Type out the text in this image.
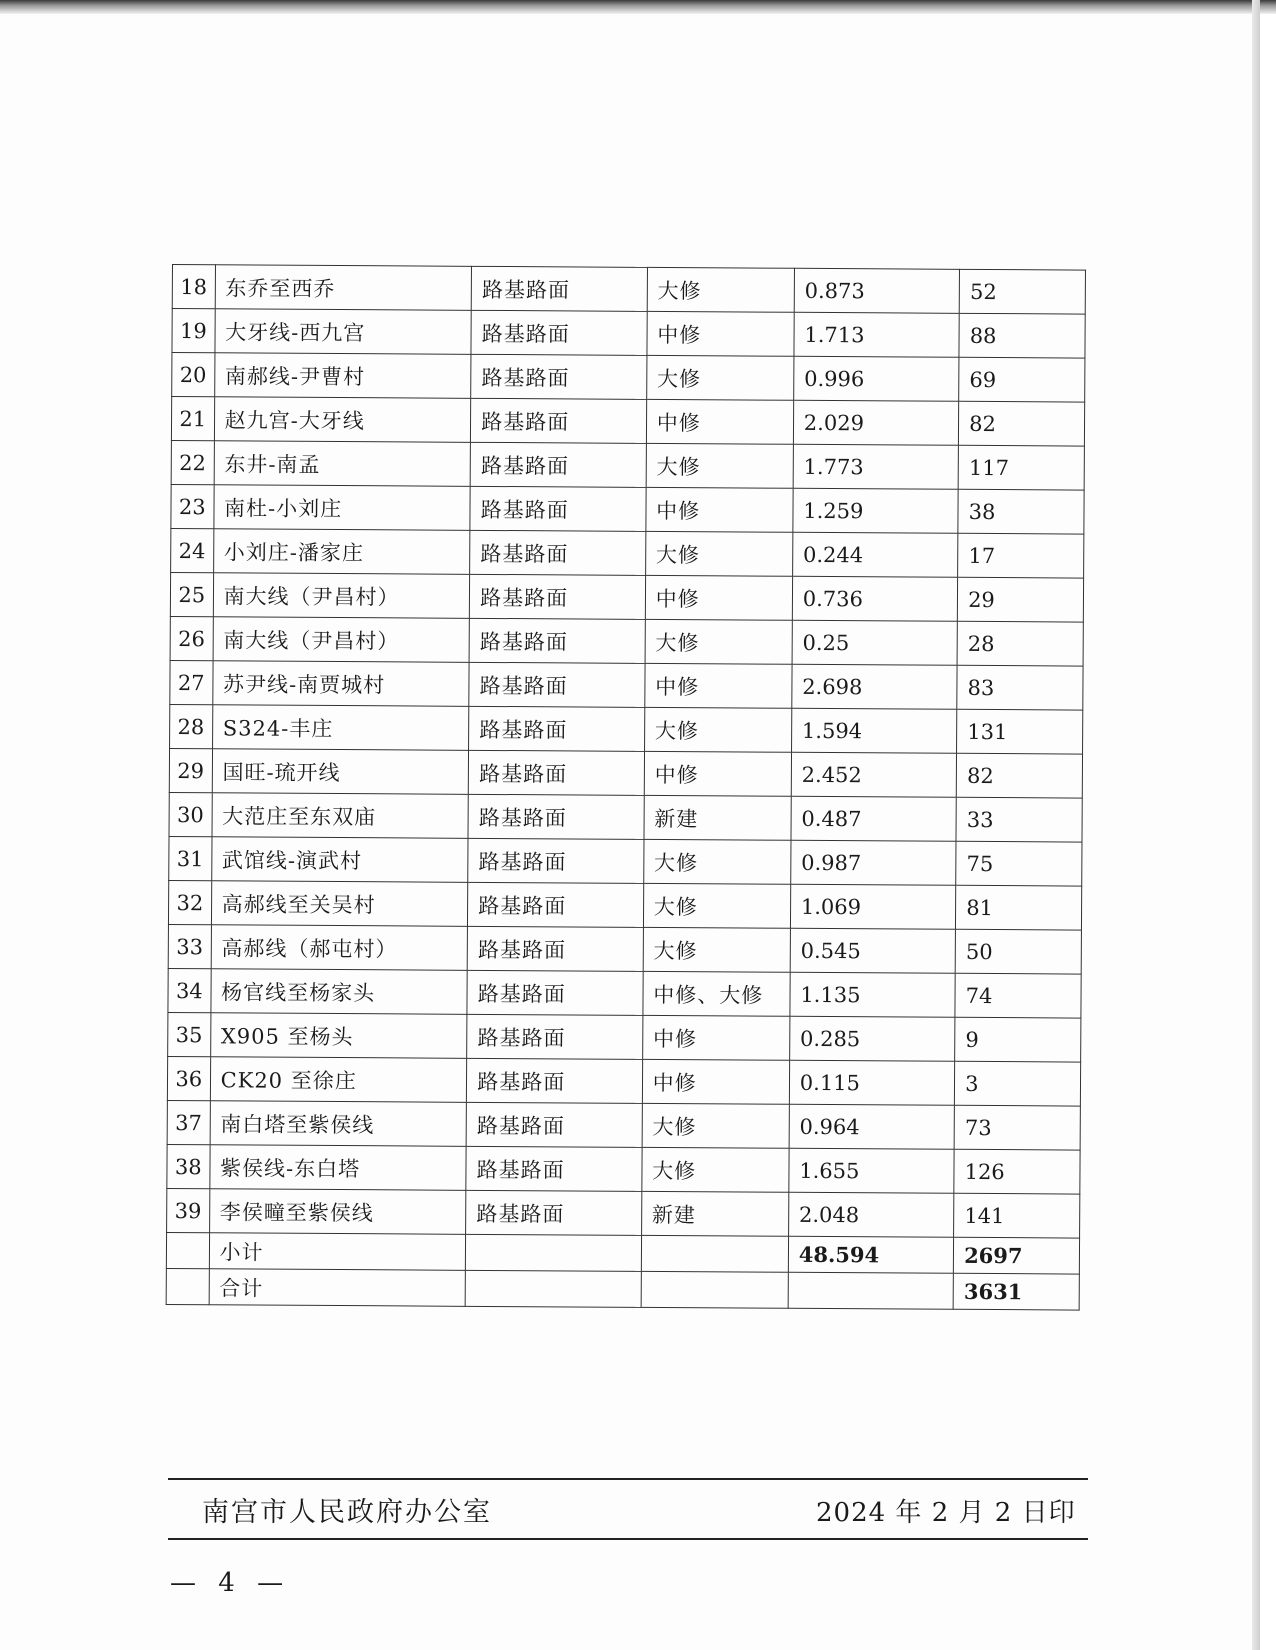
18	东乔至西乔	路基路面	大修	0.873	52
19	大牙线-西九宫	路基路面	中修	1.713	88
20	南郝线-尹曹村	路基路面	大修	0.996	69
21	赵九宫-大牙线	路基路面	中修	2.029	82
22	东井-南孟	路基路面	大修	1.773	117
23	南杜-小刘庄	路基路面	中修	1.259	38
24	小刘庄-潘家庄	路基路面	大修	0.244	17
25	南大线（尹昌村）	路基路面	中修	0.736	29
26	南大线（尹昌村）	路基路面	大修	0.25	28
27	苏尹线-南贾城村	路基路面	中修	2.698	83
28	S324-丰庄	路基路面	大修	1.594	131
29	国旺-琉开线	路基路面	中修	2.452	82
30	大范庄至东双庙	路基路面	新建	0.487	33
31	武馆线-演武村	路基路面	大修	0.987	75
32	高郝线至关吴村	路基路面	大修	1.069	81
33	高郝线（郝屯村）	路基路面	大修	0.545	50
34	杨官线至杨家头	路基路面	中修、大修	1.135	74
35	X905 至杨头	路基路面	中修	0.285	9
36	CK20 至徐庄	路基路面	中修	0.115	3
37	南白塔至紫侯线	路基路面	大修	0.964	73
38	紫侯线-东白塔	路基路面	大修	1.655	126
39	李侯疃至紫侯线	路基路面	新建	2.048	141
	小计			48.594	2697
	合计				3631
南宫市人民政府办公室	2024 年 2 月 2 日印
— 4 —
